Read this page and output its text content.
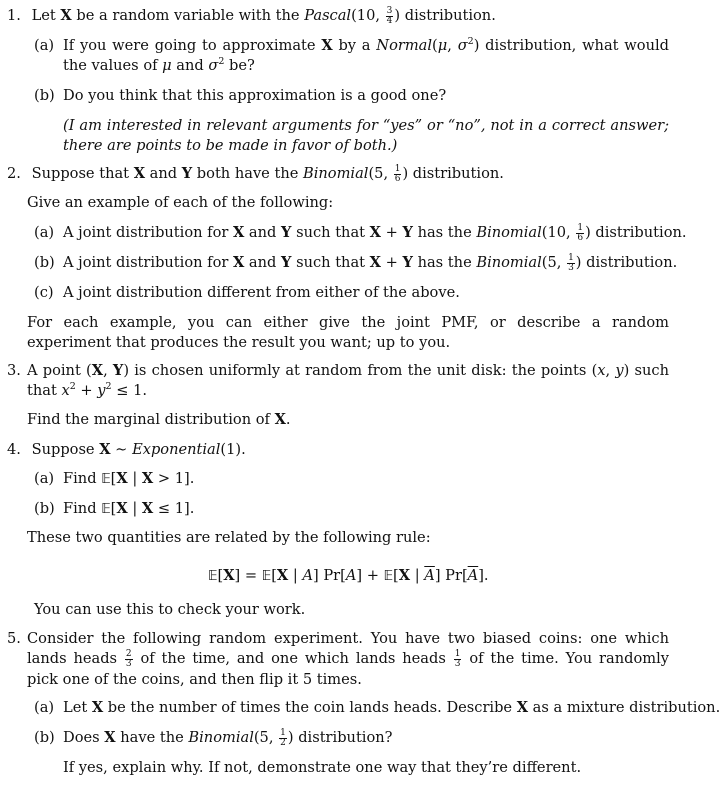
1. Let X be a random variable with the Pascal(10, $\frac{3}{4}$ ) distribution.
(a) If you were going to approximate X by a Normal(μ, $\sigma^2$) distribution, what would the values of μ and $\sigma^2$ be?
(b) Do you think that this approximation is a good one?
(I am interested in relevant arguments for “yes” or “no”, not in a correct answer; there are points to be made in favor of both.)
2. Suppose that X and Y both have the Binomial(5, $\frac{1}{6}$ ) distribution.
Give an example of each of the following:
(a) A joint distribution for X and Y such that X + Y has the Binomial(10, $\frac{1}{6}$ ) distribution.
(b) A joint distribution for X and Y such that X + Y has the Binomial(5, $\frac{1}{3}$ ) distribution.
(c) A joint distribution different from either of the above.
For each example, you can either give the joint PMF, or describe a random experiment that produces the result you want; up to you.
3. A point (X, Y) is chosen uniformly at random from the unit disk: the points (x, y) such that $x^2 + y^2 \le 1$.
Find the marginal distribution of X.
4. Suppose X ∼ Exponential(1).
(a) Find 𝔼[X | X > 1].
(b) Find 𝔼[X | X ≤ 1].
These two quantities are related by the following rule:
𝔼[X] = 𝔼[X | A] Pr[A] + 𝔼[X | $\overline{A}$] $Pr[\overline{A}]$.
You can use this to check your work.
5. Consider the following random experiment. You have two biased coins: one which lands heads $\frac{2}{3}$ of the time, and one which lands heads $\frac{1}{3}$ of the time. You randomly pick one of the coins, and then flip it 5 times.
(a) Let X be the number of times the coin lands heads. Describe X as a mixture distribution.
(b) Does X have the Binomial(5, $\frac{1}{2}$ ) distribution?
If yes, explain why. If not, demonstrate one way that they’re different.
